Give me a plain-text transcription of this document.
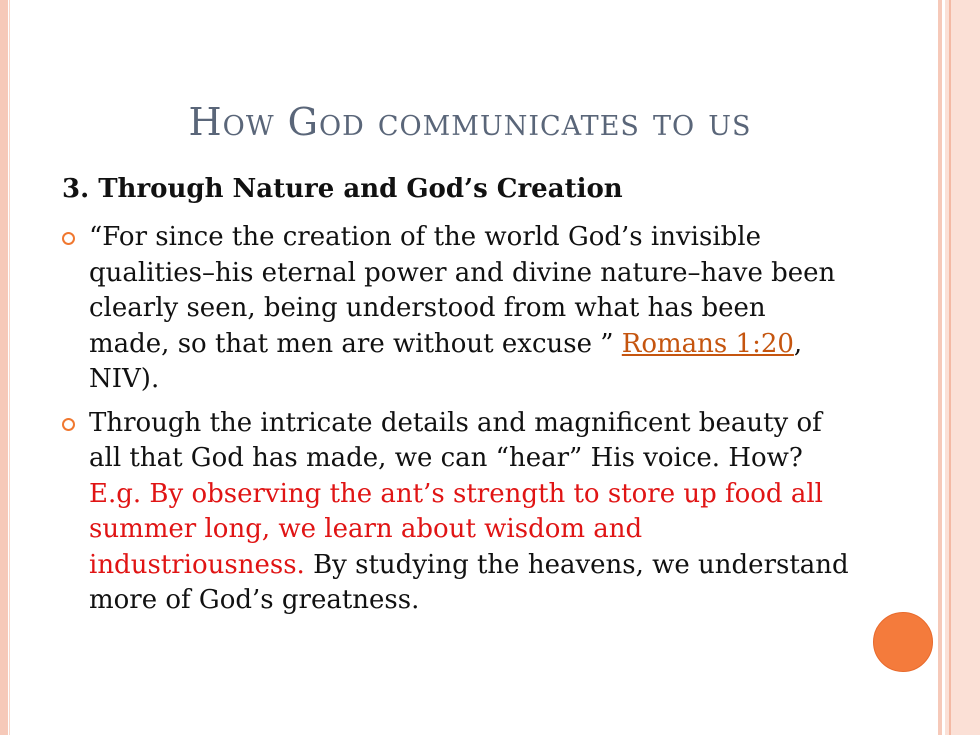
How God communicates to us
3. Through Nature and God’s Creation
“For since the creation of the world God’s invisible qualities–his eternal power and divine nature–have been clearly seen, being understood from what has been made, so that men are without excuse ” Romans 1:20, NIV).
Through the intricate details and magnificent beauty of all that God has made, we can “hear” His voice. How? E.g. By observing the ant’s strength to store up food all summer long, we learn about wisdom and industriousness. By studying the heavens, we understand more of God’s greatness.
